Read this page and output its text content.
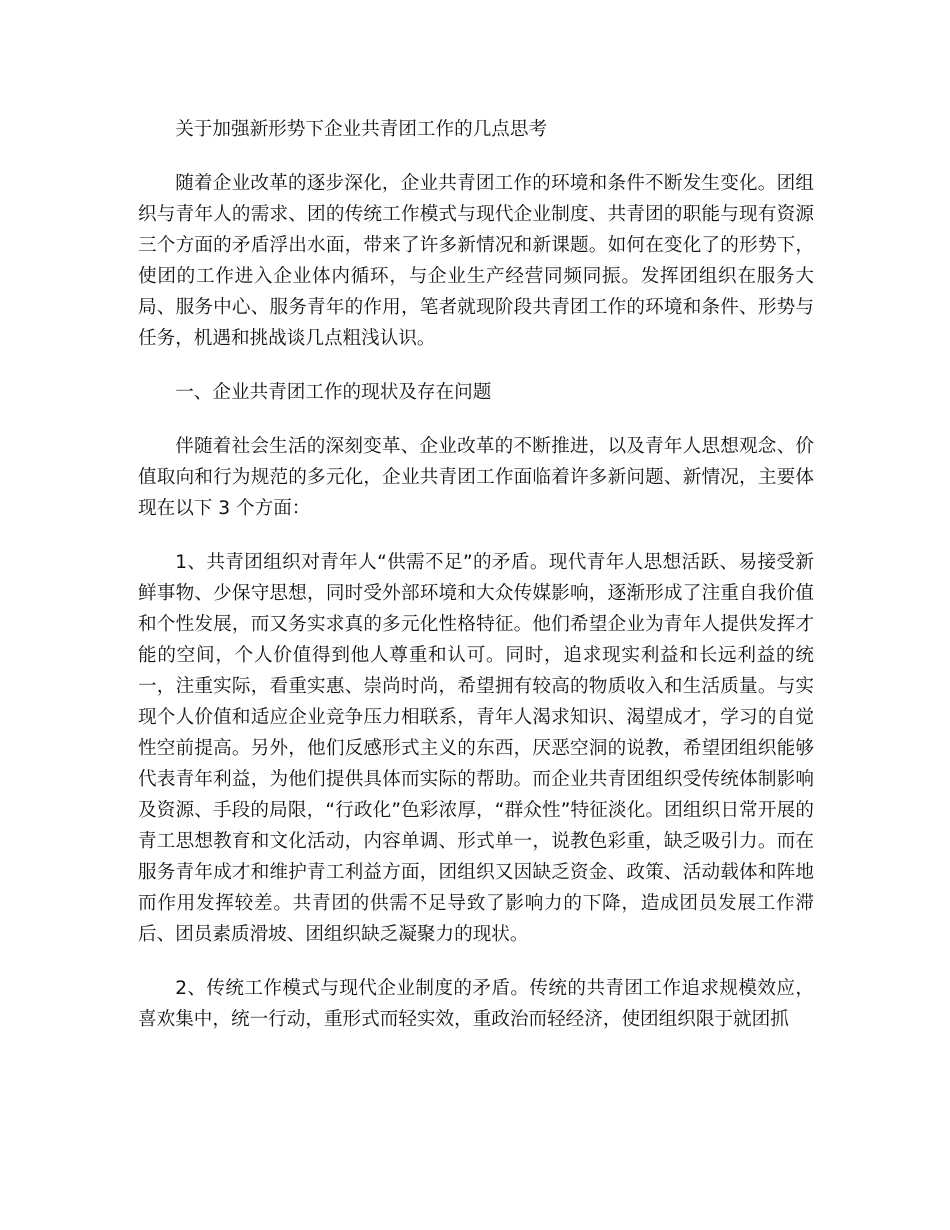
关于加强新形势下企业共青团工作的几点思考

随着企业改革的逐步深化，企业共青团工作的环境和条件不断发生变化。团组织与青年人的需求、团的传统工作模式与现代企业制度、共青团的职能与现有资源三个方面的矛盾浮出水面，带来了许多新情况和新课题。如何在变化了的形势下，使团的工作进入企业体内循环，与企业生产经营同频同振。发挥团组织在服务大局、服务中心、服务青年的作用，笔者就现阶段共青团工作的环境和条件、形势与任务，机遇和挑战谈几点粗浅认识。

一、企业共青团工作的现状及存在问题

伴随着社会生活的深刻变革、企业改革的不断推进，以及青年人思想观念、价值取向和行为规范的多元化，企业共青团工作面临着许多新问题、新情况，主要体现在以下 3 个方面：

1、共青团组织对青年人“供需不足”的矛盾。现代青年人思想活跃、易接受新鲜事物、少保守思想，同时受外部环境和大众传媒影响，逐渐形成了注重自我价值和个性发展，而又务实求真的多元化性格特征。他们希望企业为青年人提供发挥才能的空间，个人价值得到他人尊重和认可。同时，追求现实利益和长远利益的统一，注重实际，看重实惠、崇尚时尚，希望拥有较高的物质收入和生活质量。与实现个人价值和适应企业竞争压力相联系，青年人渴求知识、渴望成才，学习的自觉性空前提高。另外，他们反感形式主义的东西，厌恶空洞的说教，希望团组织能够代表青年利益，为他们提供具体而实际的帮助。而企业共青团组织受传统体制影响及资源、手段的局限，“行政化”色彩浓厚，“群众性”特征淡化。团组织日常开展的青工思想教育和文化活动，内容单调、形式单一，说教色彩重，缺乏吸引力。而在服务青年成才和维护青工利益方面，团组织又因缺乏资金、政策、活动载体和阵地而作用发挥较差。共青团的供需不足导致了影响力的下降，造成团员发展工作滞后、团员素质滑坡、团组织缺乏凝聚力的现状。

2、传统工作模式与现代企业制度的矛盾。传统的共青团工作追求规模效应，喜欢集中，统一行动，重形式而轻实效，重政治而轻经济，使团组织限于就团抓
